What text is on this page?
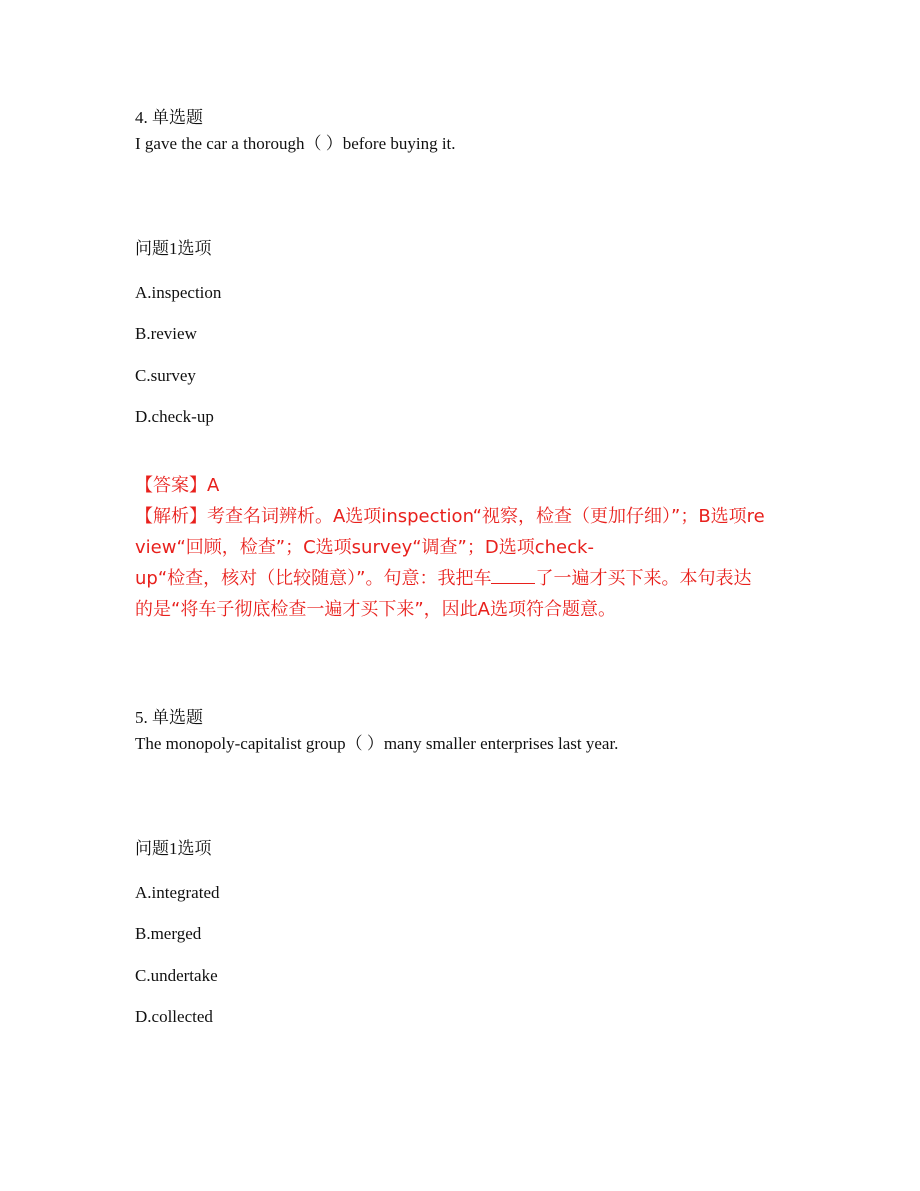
4. 单选题

I gave the car a thorough（ ）before buying it.

问题1选项
A.inspection
B.review
C.survey
D.check-up

【答案】A

【解析】考查名词辨析。A选项inspection“视察，检查（更加仔细）”；B选项re

view“回顾，检查”；C选项survey“调查”；D选项check-

up“检查，核对（比较随意）”。句意：我把车 了一遍才买下来。本句表达

的是“将车子彻底检查一遍才买下来”，因此A选项符合题意。

5. 单选题

The monopoly-capitalist group（ ）many smaller enterprises last year.

问题1选项
A.integrated
B.merged
C.undertake
D.collected
